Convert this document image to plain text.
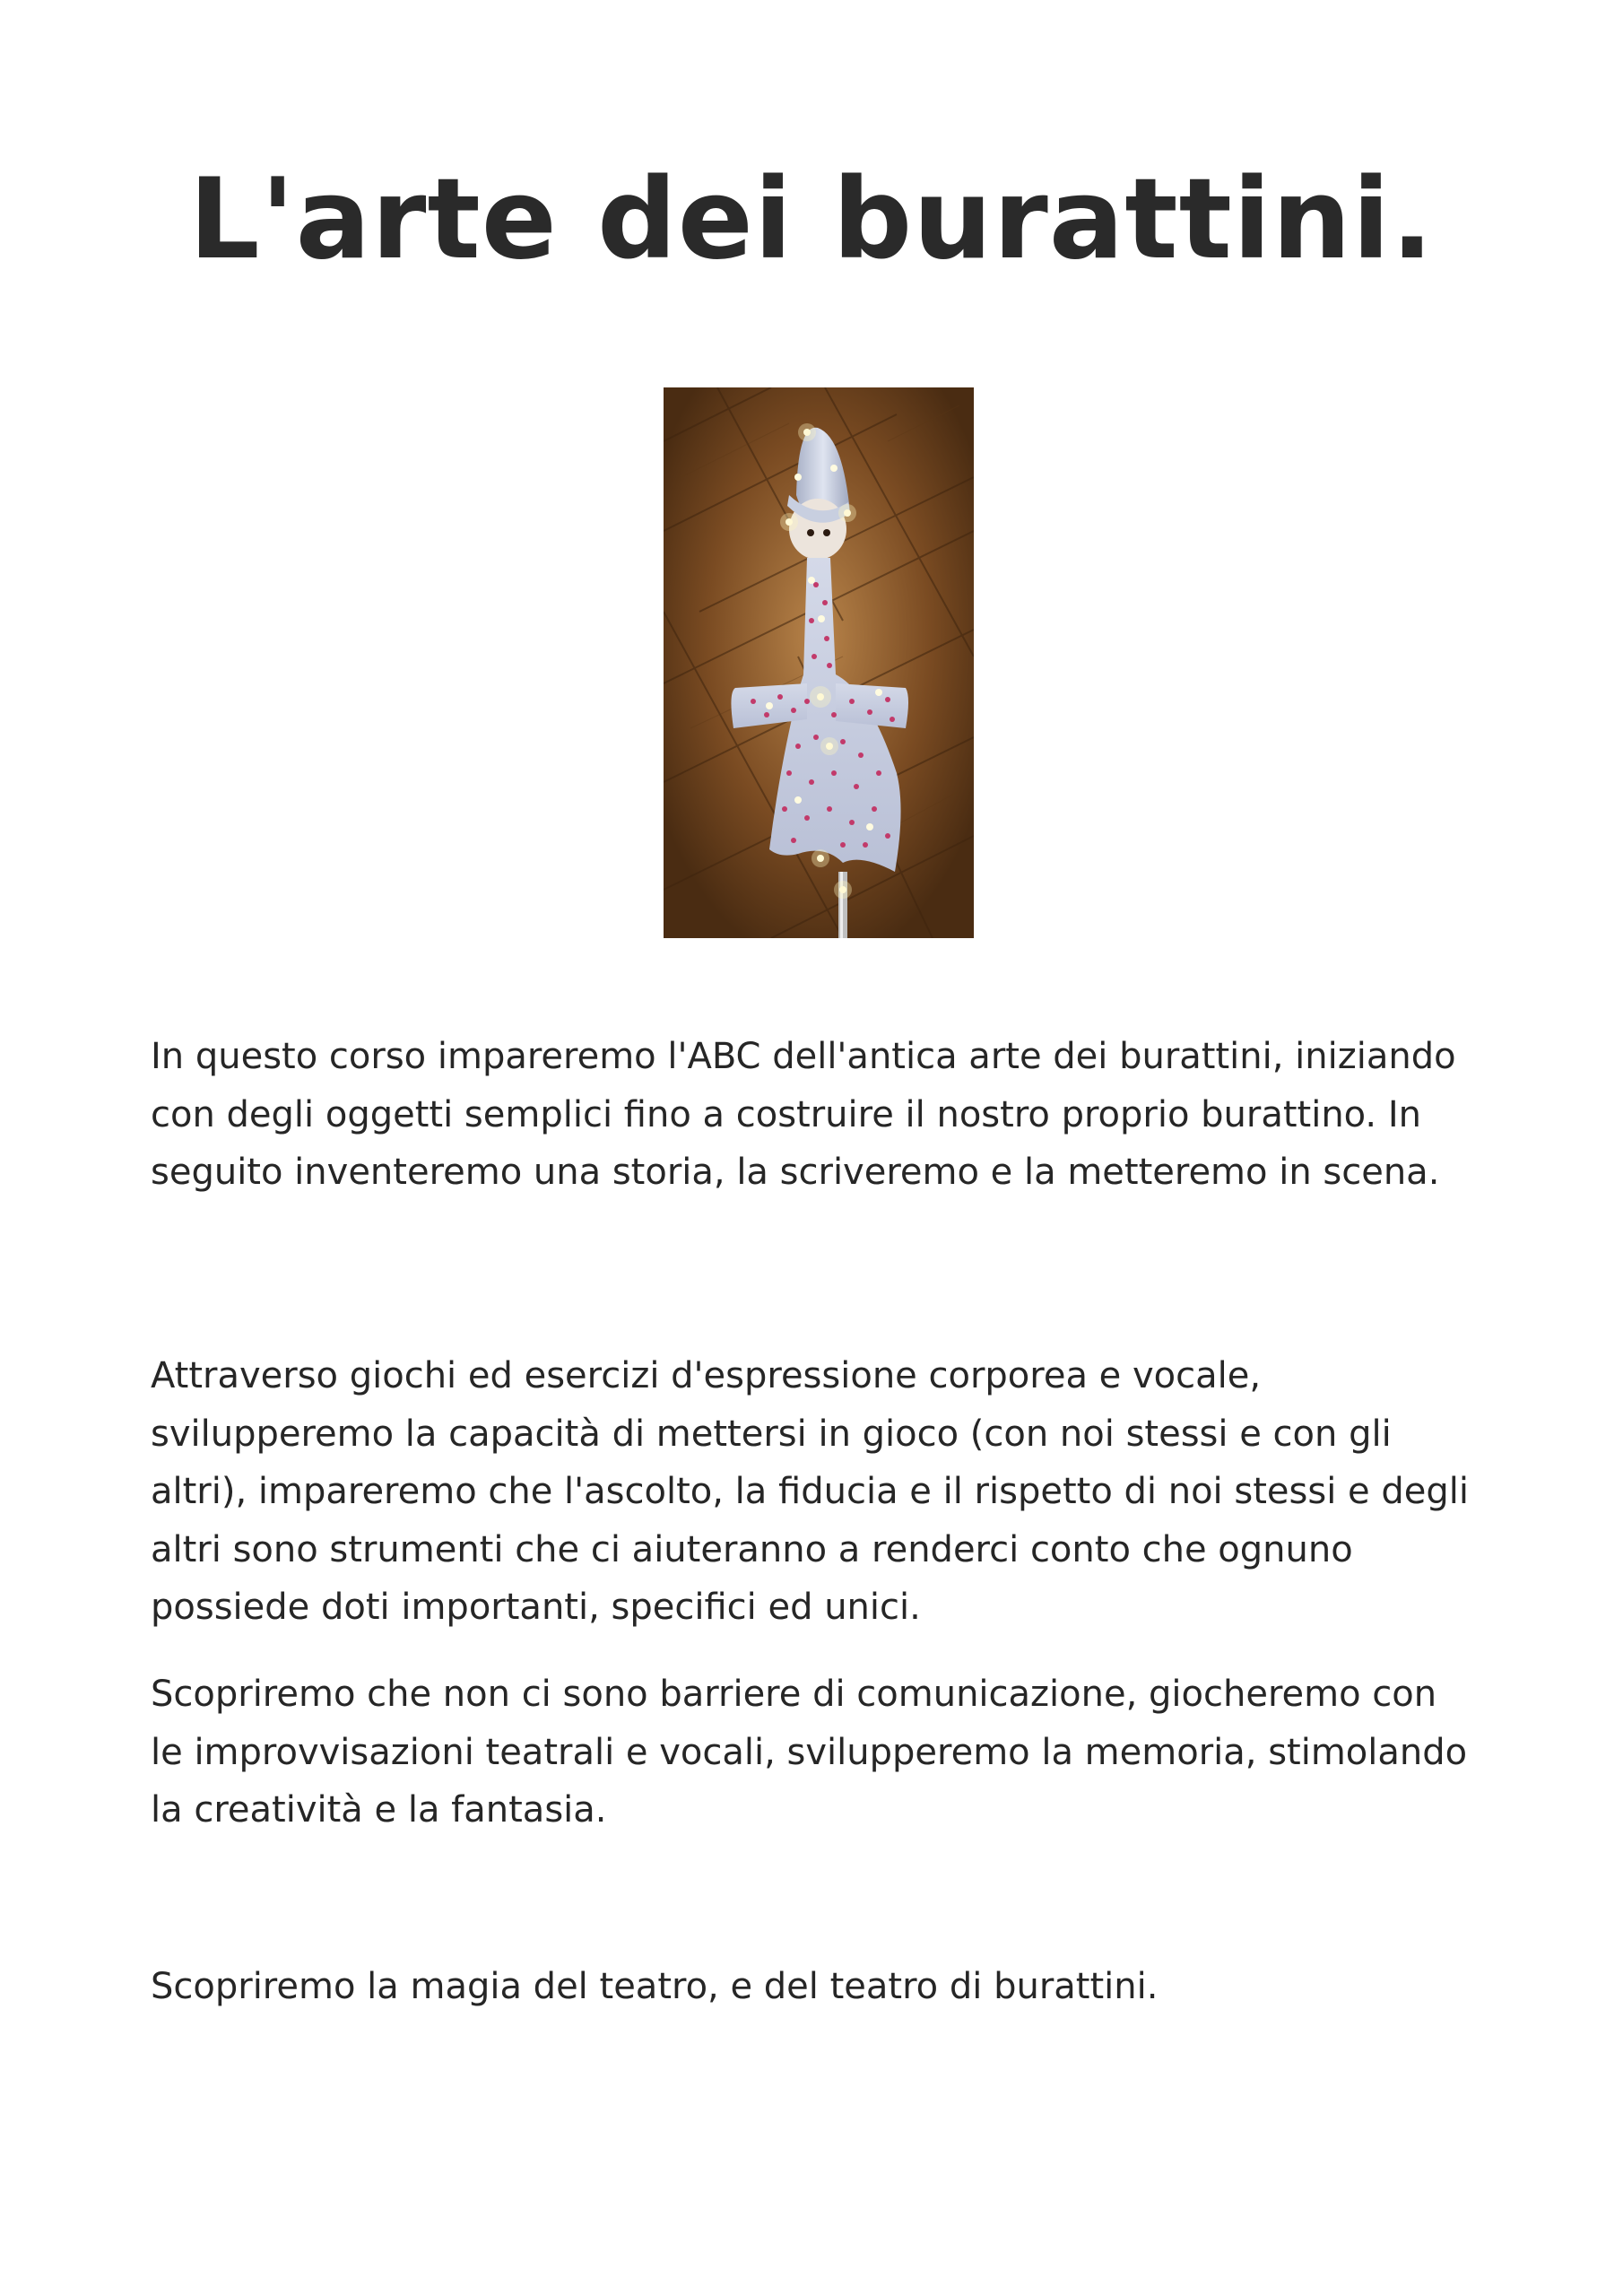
L'arte dei burattini.

In questo corso impareremo l'ABC dell'antica arte dei burattini, iniziando con degli oggetti semplici fino a costruire il nostro proprio burattino. In seguito inventeremo una storia, la scriveremo e la metteremo in scena.

Attraverso giochi ed esercizi d'espressione corporea e vocale, svilupperemo la capacità di mettersi in gioco (con noi stessi e con gli altri), impareremo che l'ascolto, la fiducia e il rispetto di noi stessi e degli altri sono strumenti che ci aiuteranno a renderci conto che ognuno possiede doti importanti, specifici ed unici.

Scopriremo che non ci sono barriere di comunicazione, giocheremo con le improvvisazioni teatrali e vocali, svilupperemo la memoria, stimolando la creatività e la fantasia.

Scopriremo la magia del teatro, e del teatro di burattini.
